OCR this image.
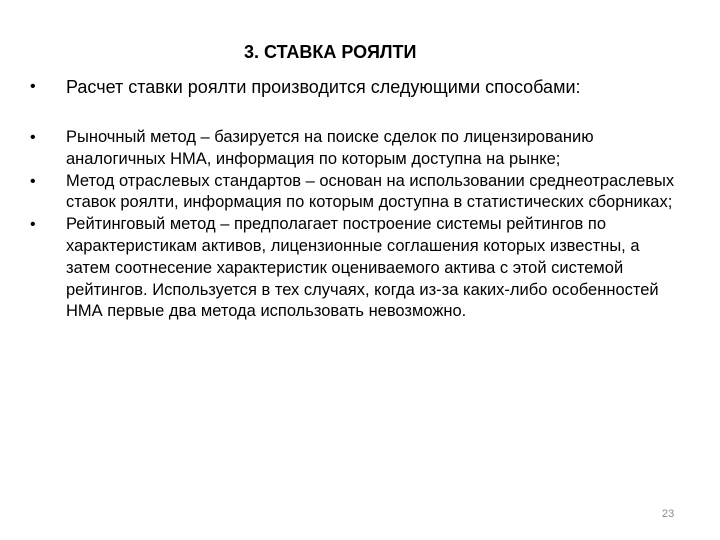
3. СТАВКА РОЯЛТИ
•	Расчет ставки роялти производится следующими способами:
•	Рыночный метод – базируется на поиске сделок по лицензированию аналогичных НМА, информация по которым доступна на рынке;
•	Метод отраслевых стандартов – основан на использовании среднеотраслевых ставок роялти, информация по которым доступна в статистических сборниках;
•	Рейтинговый метод – предполагает построение системы рейтингов по характеристикам активов, лицензионные соглашения которых известны, а затем соотнесение характеристик оцениваемого актива с этой системой рейтингов. Используется в тех случаях, когда из-за каких-либо особенностей НМА первые два метода использовать невозможно.
23
